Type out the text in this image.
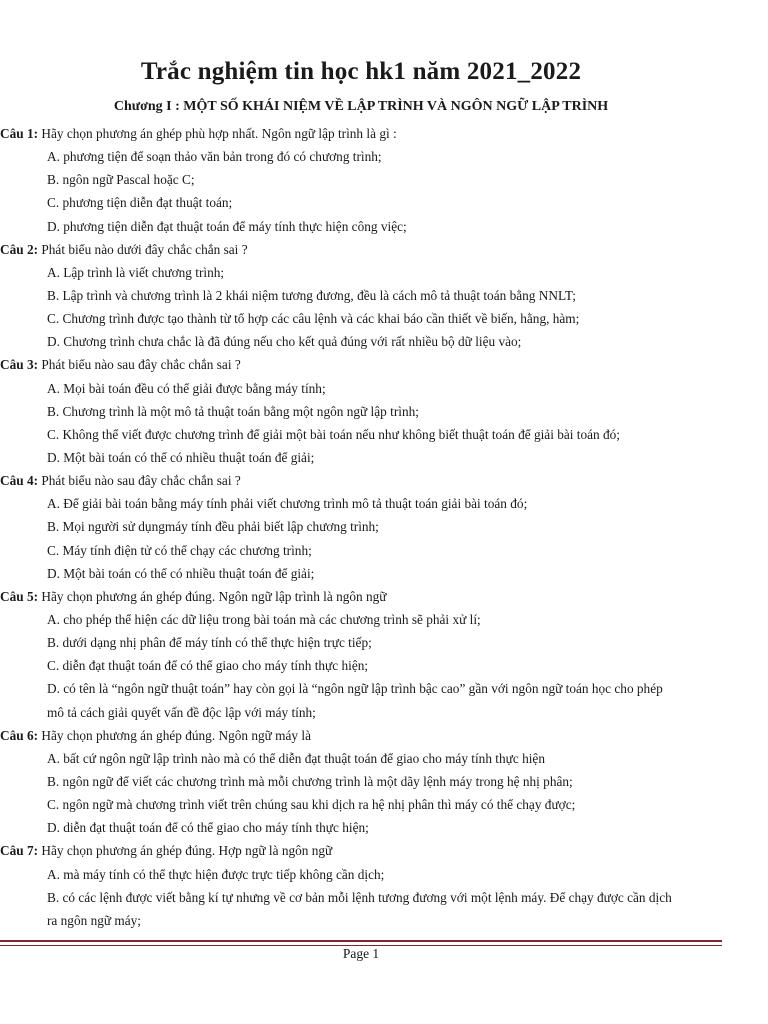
Trắc nghiệm tin học hk1 năm 2021_2022
Chương I : MỘT SỐ KHÁI NIỆM VỀ LẬP TRÌNH VÀ NGÔN NGỮ LẬP TRÌNH
Câu 1: Hãy chọn phương án ghép phù hợp nhất. Ngôn ngữ lập trình là gì :
A. phương tiện để soạn thảo văn bản trong đó có chương trình;
B. ngôn ngữ Pascal hoặc C;
C. phương tiện diễn đạt thuật toán;
D. phương tiện diễn đạt thuật toán để máy tính thực hiện công việc;
Câu 2: Phát biểu nào dưới đây chắc chắn sai ?
A. Lập trình là viết chương trình;
B. Lập trình và chương trình là 2 khái niệm tương đương, đều là cách mô tả thuật toán bằng NNLT;
C. Chương trình được tạo thành từ tổ hợp các câu lệnh và các khai báo cần thiết về biến, hằng, hàm;
D. Chương trình chưa chắc là đã đúng nếu cho kết quả đúng với rất nhiều bộ dữ liệu vào;
Câu 3: Phát biểu nào sau đây chắc chắn sai ?
A. Mọi bài toán đều có thể giải được bằng máy tính;
B. Chương trình là một mô tả thuật toán bằng một ngôn ngữ lập trình;
C. Không thể viết được chương trình để giải một bài toán nếu như không biết thuật toán để giải bài toán đó;
D. Một bài toán có thể có nhiều thuật toán để giải;
Câu 4: Phát biểu nào sau đây chắc chắn sai ?
A. Để giải bài toán bằng máy tính phải viết chương trình mô tả thuật toán giải bài toán đó;
B. Mọi người sử dụngmáy tính đều phải biết lập chương trình;
C. Máy tính điện tử có thể chạy các chương trình;
D. Một bài toán có thể có nhiều thuật toán để giải;
Câu 5: Hãy chọn phương án ghép đúng. Ngôn ngữ lập trình là ngôn ngữ
A. cho phép thể hiện các dữ liệu trong bài toán mà các chương trình sẽ phải xử lí;
B. dưới dạng nhị phân để máy tính có thể thực hiện trực tiếp;
C. diễn đạt thuật toán để có thể giao cho máy tính thực hiện;
D. có tên là “ngôn ngữ thuật toán” hay còn gọi là “ngôn ngữ lập trình bậc cao” gần với ngôn ngữ toán học cho phép
mô tả cách giải quyết vấn đề độc lập với máy tính;
Câu 6: Hãy chọn phương án ghép đúng. Ngôn ngữ máy là
A. bất cứ ngôn ngữ lập trình nào mà có thể diễn đạt thuật toán để giao cho máy tính thực hiện
B. ngôn ngữ để viết các chương trình mà mỗi chương trình là một dãy lệnh máy trong hệ nhị phân;
C. ngôn ngữ mà chương trình viết trên chúng sau khi dịch ra hệ nhị phân thì máy có thể chạy được;
D. diễn đạt thuật toán để có thể giao cho máy tính thực hiện;
Câu 7: Hãy chọn phương án ghép đúng. Hợp ngữ là ngôn ngữ
A. mà máy tính có thể thực hiện được trực tiếp không cần dịch;
B. có các lệnh được viết bằng kí tự nhưng về cơ bản mỗi lệnh tương đương với một lệnh máy. Để chạy được cần dịch
ra ngôn ngữ máy;
Page 1
